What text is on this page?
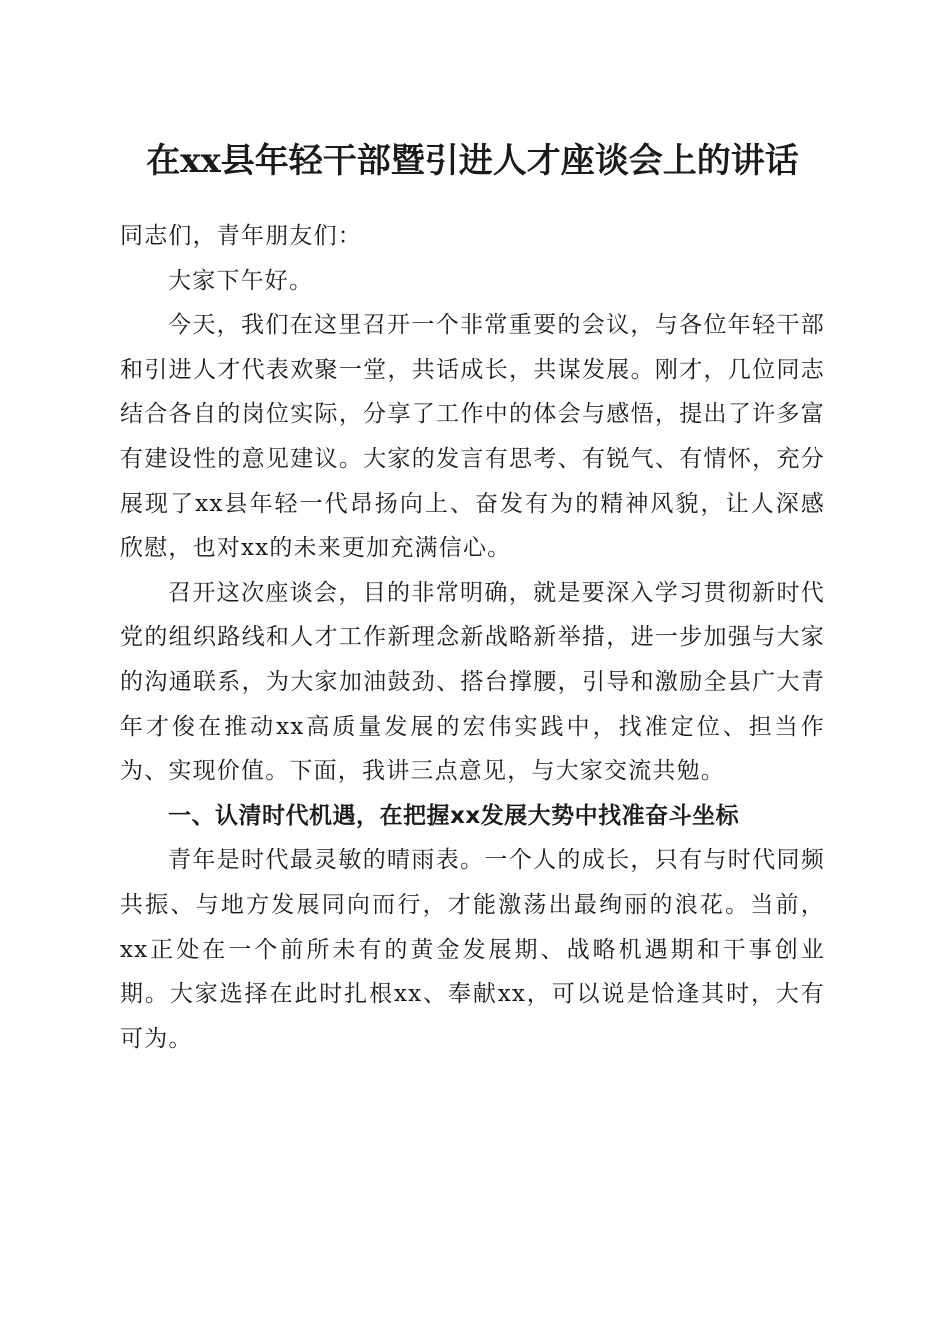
在xx县年轻干部暨引进人才座谈会上的讲话

同志们，青年朋友们：

大家下午好。

今天，我们在这里召开一个非常重要的会议，与各位年轻干部和引进人才代表欢聚一堂，共话成长，共谋发展。刚才，几位同志结合各自的岗位实际，分享了工作中的体会与感悟，提出了许多富有建设性的意见建议。大家的发言有思考、有锐气、有情怀，充分展现了xx县年轻一代昂扬向上、奋发有为的精神风貌，让人深感欣慰，也对xx的未来更加充满信心。

召开这次座谈会，目的非常明确，就是要深入学习贯彻新时代党的组织路线和人才工作新理念新战略新举措，进一步加强与大家的沟通联系，为大家加油鼓劲、搭台撑腰，引导和激励全县广大青年才俊在推动xx高质量发展的宏伟实践中，找准定位、担当作为、实现价值。下面，我讲三点意见，与大家交流共勉。

一、认清时代机遇，在把握xx发展大势中找准奋斗坐标

青年是时代最灵敏的晴雨表。一个人的成长，只有与时代同频共振、与地方发展同向而行，才能激荡出最绚丽的浪花。当前，xx正处在一个前所未有的黄金发展期、战略机遇期和干事创业期。大家选择在此时扎根xx、奉献xx，可以说是恰逢其时，大有可为。
